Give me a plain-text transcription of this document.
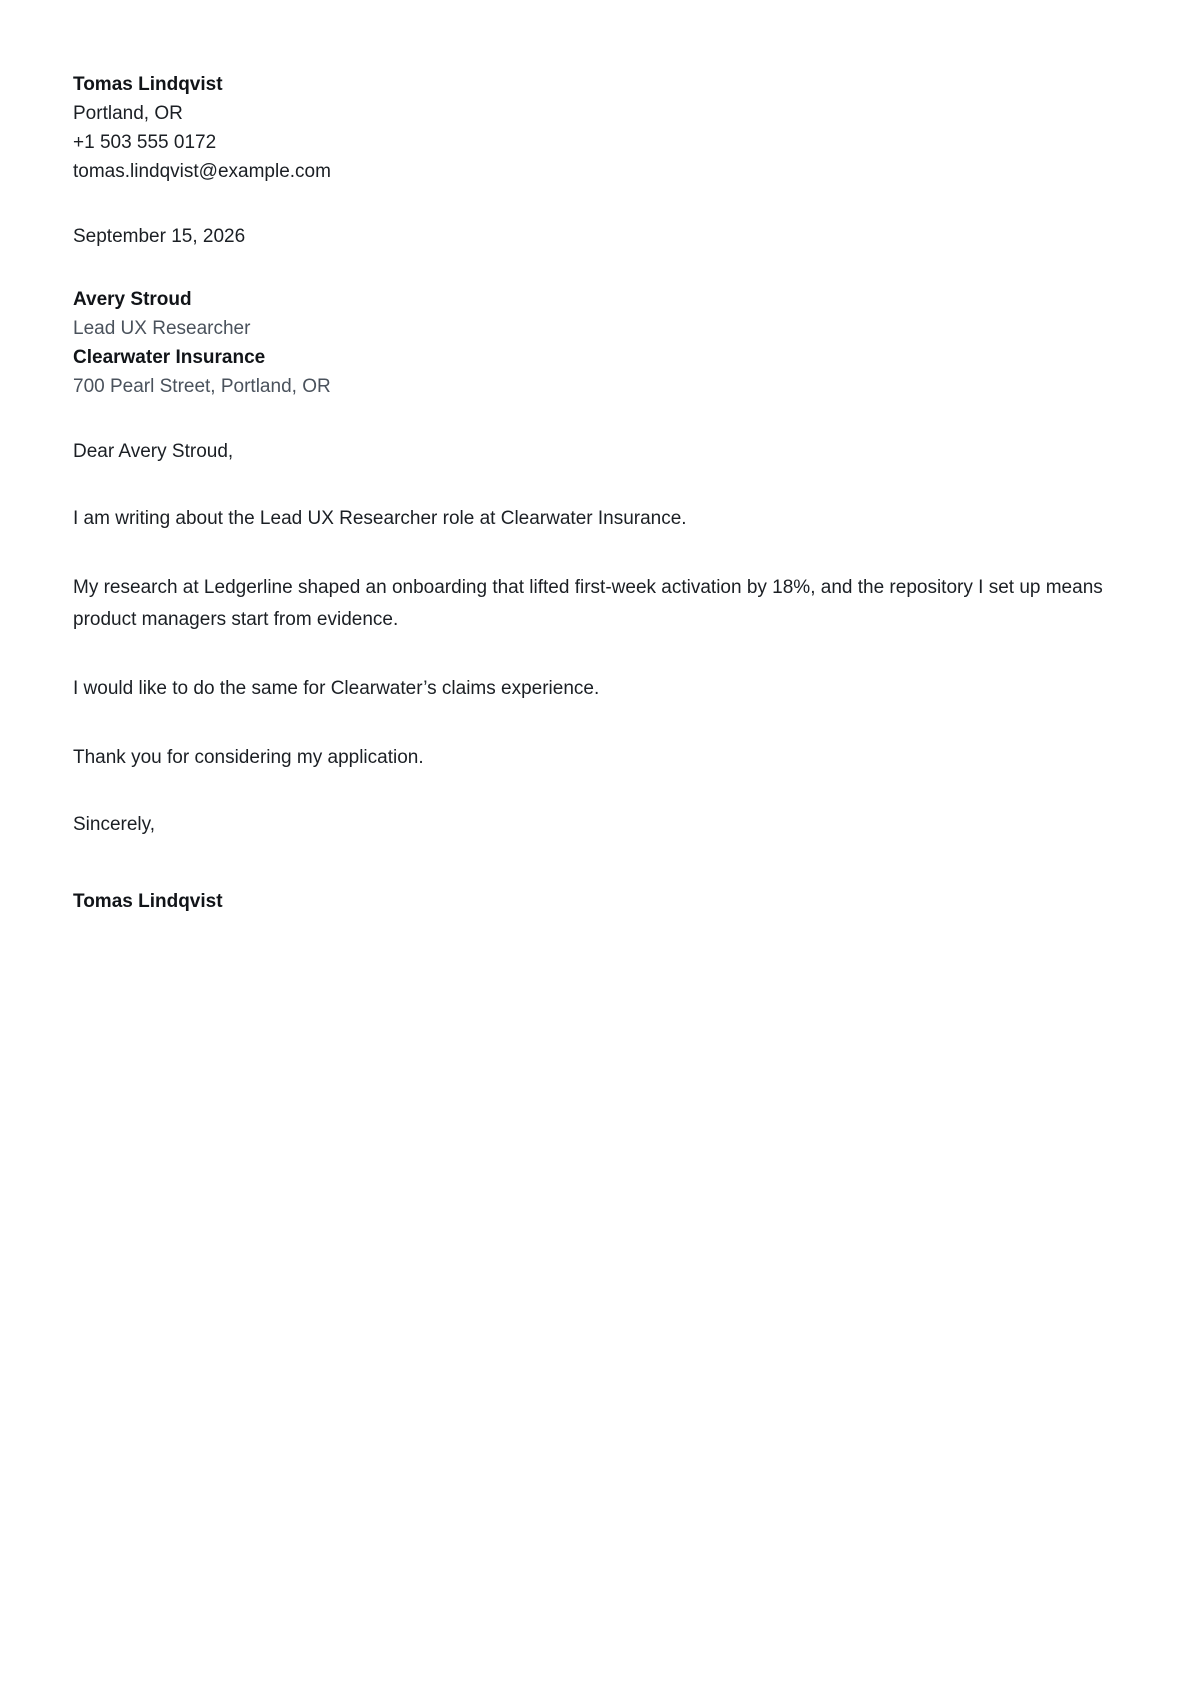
Tomas Lindqvist
Portland, OR
+1 503 555 0172
tomas.lindqvist@example.com
September 15, 2026
Avery Stroud
Lead UX Researcher
Clearwater Insurance
700 Pearl Street, Portland, OR
Dear Avery Stroud,

I am writing about the Lead UX Researcher role at Clearwater Insurance.

My research at Ledgerline shaped an onboarding that lifted first-week activation by 18%, and the repository I set up means product managers start from evidence.

I would like to do the same for Clearwater’s claims experience.

Thank you for considering my application.

Sincerely,
Tomas Lindqvist
